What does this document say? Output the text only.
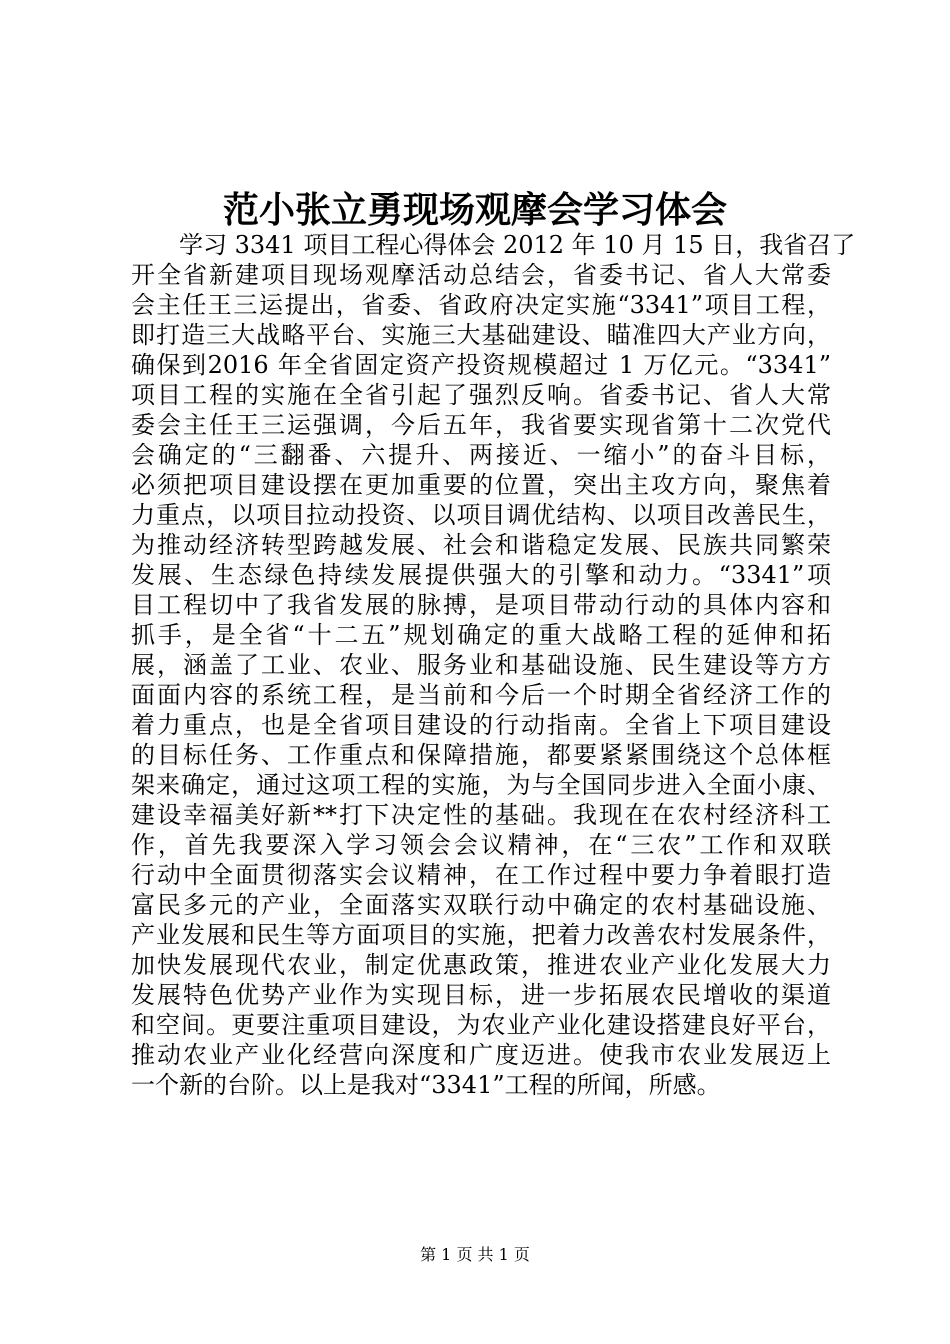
范小张立勇现场观摩会学习体会
学习 3341 项目工程心得体会 2012 年 10 月 15 日，我省召了
开全省新建项目现场观摩活动总结会，省委书记、省人大常委
会主任王三运提出，省委、省政府决定实施“3341”项目工程，
即打造三大战略平台、实施三大基础建设、瞄准四大产业方向，
确保到2016 年全省固定资产投资规模超过 1 万亿元。“3341”
项目工程的实施在全省引起了强烈反响。省委书记、省人大常
委会主任王三运强调，今后五年，我省要实现省第十二次党代
会确定的“三翻番、六提升、两接近、一缩小”的奋斗目标，
必须把项目建设摆在更加重要的位置，突出主攻方向，聚焦着
力重点，以项目拉动投资、以项目调优结构、以项目改善民生，
为推动经济转型跨越发展、社会和谐稳定发展、民族共同繁荣
发展、生态绿色持续发展提供强大的引擎和动力。“3341”项
目工程切中了我省发展的脉搏，是项目带动行动的具体内容和
抓手，是全省“十二五”规划确定的重大战略工程的延伸和拓
展，涵盖了工业、农业、服务业和基础设施、民生建设等方方
面面内容的系统工程，是当前和今后一个时期全省经济工作的
着力重点，也是全省项目建设的行动指南。全省上下项目建设
的目标任务、工作重点和保障措施，都要紧紧围绕这个总体框
架来确定，通过这项工程的实施，为与全国同步进入全面小康、
建设幸福美好新**打下决定性的基础。我现在在农村经济科工
作，首先我要深入学习领会会议精神，在“三农”工作和双联
行动中全面贯彻落实会议精神，在工作过程中要力争着眼打造
富民多元的产业，全面落实双联行动中确定的农村基础设施、
产业发展和民生等方面项目的实施，把着力改善农村发展条件，
加快发展现代农业，制定优惠政策，推进农业产业化发展大力
发展特色优势产业作为实现目标，进一步拓展农民增收的渠道
和空间。更要注重项目建设，为农业产业化建设搭建良好平台，
推动农业产业化经营向深度和广度迈进。使我市农业发展迈上
一个新的台阶。以上是我对“3341”工程的所闻，所感。
第 1 页 共 1 页
